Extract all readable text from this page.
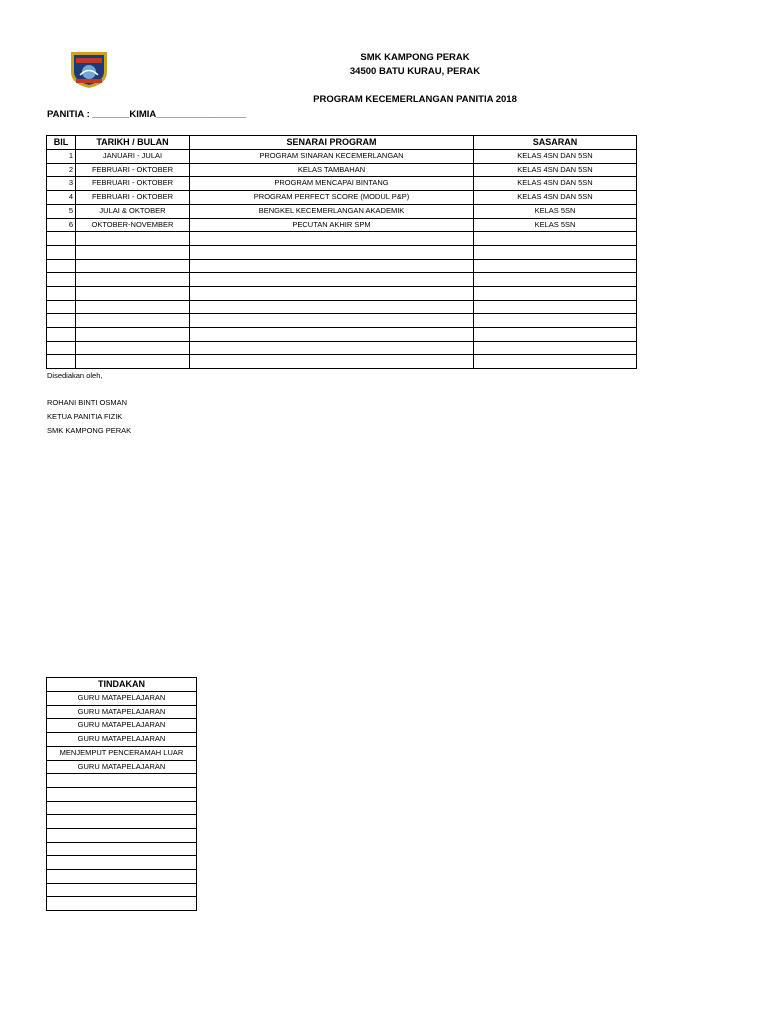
SMK KAMPONG PERAK
34500 BATU KURAU, PERAK
PROGRAM KECEMERLANGAN PANITIA 2018
PANITIA : _______KIMIA_________________
BIL	TARIKH / BULAN	SENARAI PROGRAM	SASARAN
1	JANUARI - JULAI	PROGRAM SINARAN KECEMERLANGAN	KELAS 4SN DAN 5SN
2	FEBRUARI - OKTOBER	KELAS TAMBAHAN	KELAS 4SN DAN 5SN
3	FEBRUARI - OKTOBER	PROGRAM MENCAPAI BINTANG	KELAS 4SN DAN 5SN
4	FEBRUARI - OKTOBER	PROGRAM PERFECT SCORE (MODUL P&P)	KELAS 4SN DAN 5SN
5	JULAI & OKTOBER	BENGKEL KECEMERLANGAN AKADEMIK	KELAS 5SN
6	OKTOBER-NOVEMBER	PECUTAN AKHIR SPM	KELAS 5SN

Disediakan oleh,
ROHANI BINTI OSMAN
KETUA PANITIA FIZIK
SMK KAMPONG PERAK
TINDAKAN
GURU MATAPELAJARAN
GURU MATAPELAJARAN
GURU MATAPELAJARAN
GURU MATAPELAJARAN
MENJEMPUT PENCERAMAH LUAR
GURU MATAPELAJARAN
